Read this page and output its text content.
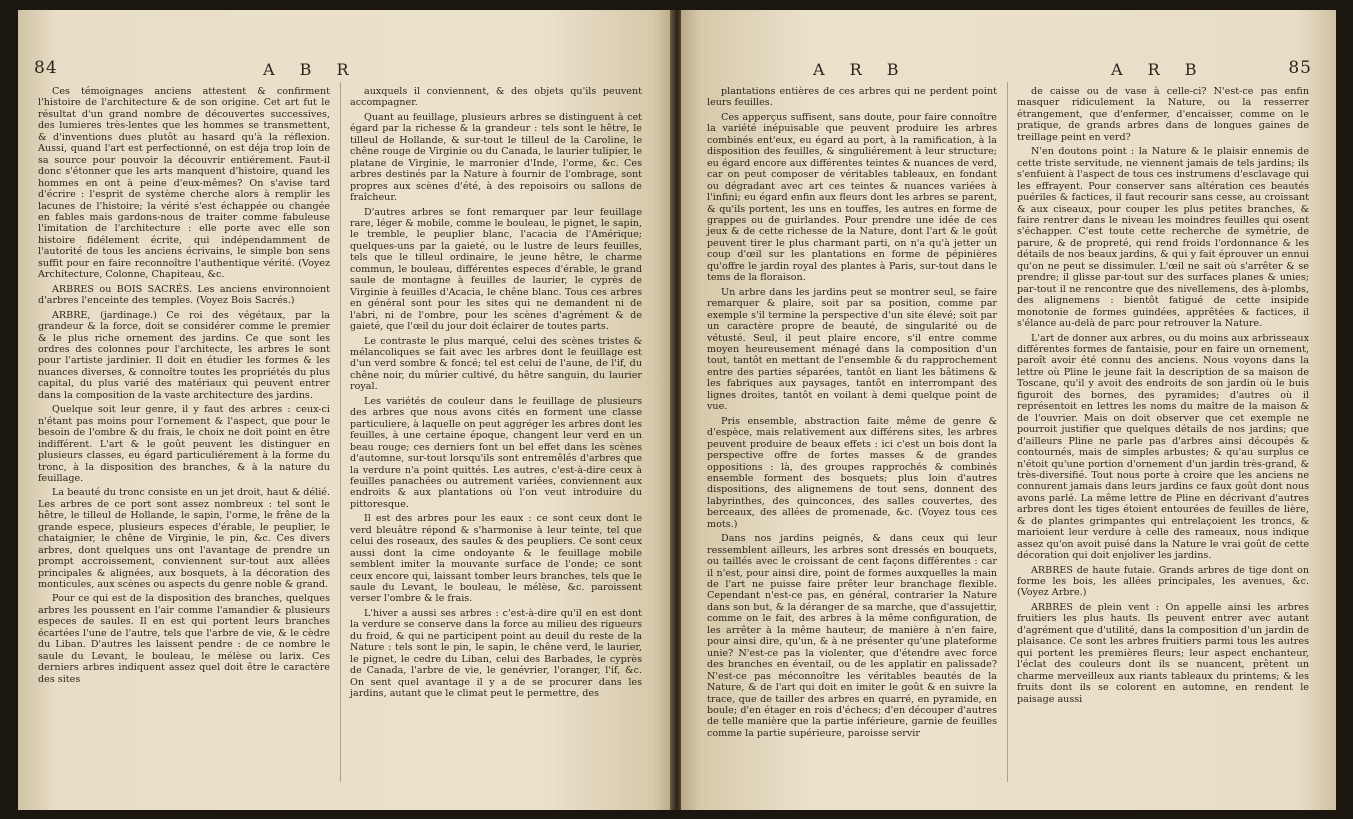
84	A B R

Ces témoignages anciens attestent & confirment l'histoire de l'architecture & de son origine. Cet art fut le résultat d'un grand nombre de découvertes successives, des lumieres très-lentes que les hommes se transmettent, & d'inventions dues plutôt au hasard qu'à la réflexion. Aussi, quand l'art est perfectionné, on est déja trop loin de sa source pour pouvoir la découvrir entiérement. Faut-il donc s'étonner que les arts manquent d'histoire, quand les hommes en ont à peine d'eux-mêmes? On s'avise tard d'écrire : l'esprit de système cherche alors à remplir les lacunes de l'histoire; la vérité s'est échappée ou changée en fables mais gardons-nous de traiter comme fabuleuse l'imitation de l'architecture : elle porte avec elle son histoire fidélement écrite, qui indépendamment de l'autorité de tous les anciens écrivains, le simple bon sens suffit pour en faire reconnoître l'authentique vérité. (Voyez Architecture, Colonne, Chapiteau, &c.

ARBRES ou BOIS SACRÉS. Les anciens environnoient d'arbres l'enceinte des temples. (Voyez Bois Sacrés.)

ARBRE, (jardinage.) Ce roi des végétaux, par la grandeur & la force, doit se considérer comme le premier & le plus riche ornement des jardins. Ce que sont les ordres des colonnes pour l'architecte, les arbres le sont pour l'artiste jardinier. Il doit en étudier les formes & les nuances diverses, & connoître toutes les propriétés du plus capital, du plus varié des matériaux qui peuvent entrer dans la composition de la vaste architecture des jardins.

Quelque soit leur genre, il y faut des arbres : ceux-ci n'étant pas moins pour l'ornement & l'aspect, que pour le besoin de l'ombre & du frais, le choix ne doit point en être indifférent. L'art & le goût peuvent les distinguer en plusieurs classes, eu égard particuliérement à la forme du tronc, à la disposition des branches, & à la nature du feuillage.

La beauté du tronc consiste en un jet droit, haut & délié. Les arbres de ce port sont assez nombreux : tel sont le hêtre, le tilleul de Hollande, le sapin, l'orme, le frêne de la grande espece, plusieurs especes d'érable, le peuplier, le chataignier, le chêne de Virginie, le pin, &c. Ces divers arbres, dont quelques uns ont l'avantage de prendre un prompt accroissement, conviennent sur-tout aux allées principales & alignées, aux bosquets, à la décoration des monticules, aux scènes ou aspects du genre noble & grand.

Pour ce qui est de la disposition des branches, quelques arbres les poussent en l'air comme l'amandier & plusieurs especes de saules. Il en est qui portent leurs branches écartées l'une de l'autre, tels que l'arbre de vie, & le cèdre du Liban. D'autres les laissent pendre : de ce nombre le saule du Levant, le bouleau, le mélèse ou larix. Ces derniers arbres indiquent assez quel doit être le caractère des sites

auxquels il conviennent, & des objets qu'ils peuvent accompagner.

Quant au feuillage, plusieurs arbres se distinguent à cet égard par la richesse & la grandeur : tels sont le hêtre, le tilleul de Hollande, & sur-tout le tilleul de la Caroline, le chêne rouge de Virginie ou du Canada, le laurier tulipier, le platane de Virginie, le marronier d'Inde, l'orme, &c. Ces arbres destinés par la Nature à fournir de l'ombrage, sont propres aux scènes d'été, à des repoisoirs ou sallons de fraîcheur.

D'autres arbres se font remarquer par leur feuillage rare, léger & mobile, comme le bouleau, le pignet, le sapin, le tremble, le peuplier blanc, l'acacia de l'Amérique; quelques-uns par la gaieté, ou le lustre de leurs feuilles, tels que le tilleul ordinaire, le jeune hêtre, le charme commun, le bouleau, différentes especes d'érable, le grand saule de montagne à feuilles de laurier, le cyprès de Virginie à feuilles d'Acacia, le chêne blanc. Tous ces arbres en général sont pour les sites qui ne demandent ni de l'abri, ni de l'ombre, pour les scènes d'agrément & de gaieté, que l'œil du jour doit éclairer de toutes parts.

Le contraste le plus marqué, celui des scènes tristes & mélancoliques se fait avec les arbres dont le feuillage est d'un verd sombre & foncé; tel est celui de l'aune, de l'if, du chêne noir, du mûrier cultivé, du hêtre sanguin, du laurier royal.

Les variétés de couleur dans le feuillage de plusieurs des arbres que nous avons cités en forment une classe particuliere, à laquelle on peut aggréger les arbres dont les feuilles, à une certaine époque, changent leur verd en un beau rouge; ces derniers font un bel effet dans les scènes d'automne, sur-tout lorsqu'ils sont entremêlés d'arbres que la verdure n'a point quittés. Les autres, c'est-à-dire ceux à feuilles panachées ou autrement variées, conviennent aux endroits & aux plantations où l'on veut introduire du pittoresque.

Il est des arbres pour les eaux : ce sont ceux dont le verd bleuâtre répond & s'harmonise à leur teinte, tel que celui des roseaux, des saules & des peupliers. Ce sont ceux aussi dont la cime ondoyante & le feuillage mobile semblent imiter la mouvante surface de l'onde; ce sont ceux encore qui, laissant tomber leurs branches, tels que le saule du Levant, le bouleau, le mélèse, &c. paroissent verser l'ombre & le frais.

L'hiver a aussi ses arbres : c'est-à-dire qu'il en est dont la verdure se conserve dans la force au milieu des rigueurs du froid, & qui ne participent point au deuil du reste de la Nature : tels sont le pin, le sapin, le chêne verd, le laurier, le pignet, le cedre du Liban, celui des Barbades, le cyprès de Canada, l'arbre de vie, le genévrier, l'oranger, l'if, &c. On sent quel avantage il y a de se procurer dans les jardins, autant que le climat peut le permettre, des

A R B	A R B	85

plantations entières de ces arbres qui ne perdent point leurs feuilles.

Ces apperçus suffisent, sans doute, pour faire connoître la variété inépuisable que peuvent produire les arbres combinés ent'eux, eu égard au port, à la ramification, à la disposition des feuilles, & singuliérement à leur structure; eu égard encore aux différentes teintes & nuances de verd, car on peut composer de véritables tableaux, en fondant ou dégradant avec art ces teintes & nuances variées à l'infini; eu égard enfin aux fleurs dont les arbres se parent, & qu'ils portent, les uns en touffes, les autres en forme de grappes ou de guirlandes. Pour prendre une idée de ces jeux & de cette richesse de la Nature, dont l'art & le goût peuvent tirer le plus charmant parti, on n'a qu'à jetter un coup d'œil sur les plantations en forme de pépinières qu'offre le jardin royal des plantes à Paris, sur-tout dans le tems de la floraison.

Un arbre dans les jardins peut se montrer seul, se faire remarquer & plaire, soit par sa position, comme par exemple s'il termine la perspective d'un site élevé; soit par un caractère propre de beauté, de singularité ou de vétusté. Seul, il peut plaire encore, s'il entre comme moyen heureusement ménagé dans la composition d'un tout, tantôt en mettant de l'ensemble & du rapprochement entre des parties séparées, tantôt en liant les bâtimens & les fabriques aux paysages, tantôt en interrompant des lignes droites, tantôt en voilant à demi quelque point de vue.

Pris ensemble, abstraction faite même de genre & d'espèce, mais relativement aux différens sites, les arbres peuvent produire de beaux effets : ici c'est un bois dont la perspective offre de fortes masses & de grandes oppositions : là, des groupes rapprochés & combinés ensemble forment des bosquets; plus loin d'autres dispositions, des alignemens de tout sens, donnent des labyrinthes, des quinconces, des salles couvertes, des berceaux, des allées de promenade, &c. (Voyez tous ces mots.)

Dans nos jardins peignés, & dans ceux qui leur ressemblent ailleurs, les arbres sont dressés en bouquets, ou taillés avec le croissant de cent façons différentes : car il n'est, pour ainsi dire, point de formes auxquelles la main de l'art ne puisse faire prêter leur branchage flexible. Cependant n'est-ce pas, en général, contrarier la Nature dans son but, & la déranger de sa marche, que d'assujettir, comme on le fait, des arbres à la même configuration, de les arrêter à la même hauteur, de manière à n'en faire, pour ainsi dire, qu'un, & à ne présenter qu'une plateforme unie? N'est-ce pas la violenter, que d'étendre avec force des branches en éventail, ou de les applatir en palissade? N'est-ce pas méconnoître les véritables beautés de la Nature, & de l'art qui doit en imiter le goût & en suivre la trace, que de tailler des arbres en quarré, en pyramide, en boule; d'en étager en rois d'échecs; d'en découper d'autres de telle manière que la partie inférieure, garnie de feuilles comme la partie supérieure, paroisse servir

de caisse ou de vase à celle-ci? N'est-ce pas enfin masquer ridiculement la Nature, ou la resserrer étrangement, que d'enfermer, d'encaisser, comme on le pratique, de grands arbres dans de longues gaines de treillage peint en verd?

N'en doutons point : la Nature & le plaisir ennemis de cette triste servitude, ne viennent jamais de tels jardins; ils s'enfuient à l'aspect de tous ces instrumens d'esclavage qui les effrayent. Pour conserver sans altération ces beautés puériles & factices, il faut recourir sans cesse, au croissant & aux ciseaux, pour couper les plus petites branches, & faire rentrer dans le niveau les moindres feuilles qui osent s'échapper. C'est toute cette recherche de symétrie, de parure, & de propreté, qui rend froids l'ordonnance & les détails de nos beaux jardins, & qui y fait éprouver un ennui qu'on ne peut se dissimuler. L'œil ne sait où s'arrêter & se prendre; il glisse par-tout sur des surfaces planes & unies; par-tout il ne rencontre que des nivellemens, des à-plombs, des alignemens : bientôt fatigué de cette insipide monotonie de formes guindées, apprêtées & factices, il s'élance au-delà de parc pour retrouver la Nature.

L'art de donner aux arbres, ou du moins aux arbrisseaux différentes formes de fantaisie, pour en faire un ornement, paroît avoir été connu des anciens. Nous voyons dans la lettre où Pline le jeune fait la description de sa maison de Toscane, qu'il y avoit des endroits de son jardin où le buis figuroit des bornes, des pyramides; d'autres où il représentoit en lettres les noms du maître de la maison & de l'ouvrier. Mais on doit observer que cet exemple ne pourroit justifier que quelques détails de nos jardins; que d'ailleurs Pline ne parle pas d'arbres ainsi découpés & contournés, mais de simples arbustes; & qu'au surplus ce n'étoit qu'une portion d'ornement d'un jardin très-grand, & très-diversifié. Tout nous porte à croire que les anciens ne connurent jamais dans leurs jardins ce faux goût dont nous avons parlé. La même lettre de Pline en décrivant d'autres arbres dont les tiges étoient entourées de feuilles de lière, & de plantes grimpantes qui entrelaçoient les troncs, & marioient leur verdure à celle des rameaux, nous indique assez qu'on avoit puisé dans la Nature le vrai goût de cette décoration qui doit enjoliver les jardins.

ARBRES de haute futaie. Grands arbres de tige dont on forme les bois, les allées principales, les avenues, &c. (Voyez Arbre.)

ARBRES de plein vent : On appelle ainsi les arbres fruitiers les plus hauts. Ils peuvent entrer avec autant d'agrément que d'utilité, dans la composition d'un jardin de plaisance. Ce sont les arbres fruitiers parmi tous les autres qui portent les premières fleurs; leur aspect enchanteur, l'éclat des couleurs dont ils se nuancent, prêtent un charme merveilleux aux riants tableaux du printems; & les fruits dont ils se colorent en automne, en rendent le paisage aussi
